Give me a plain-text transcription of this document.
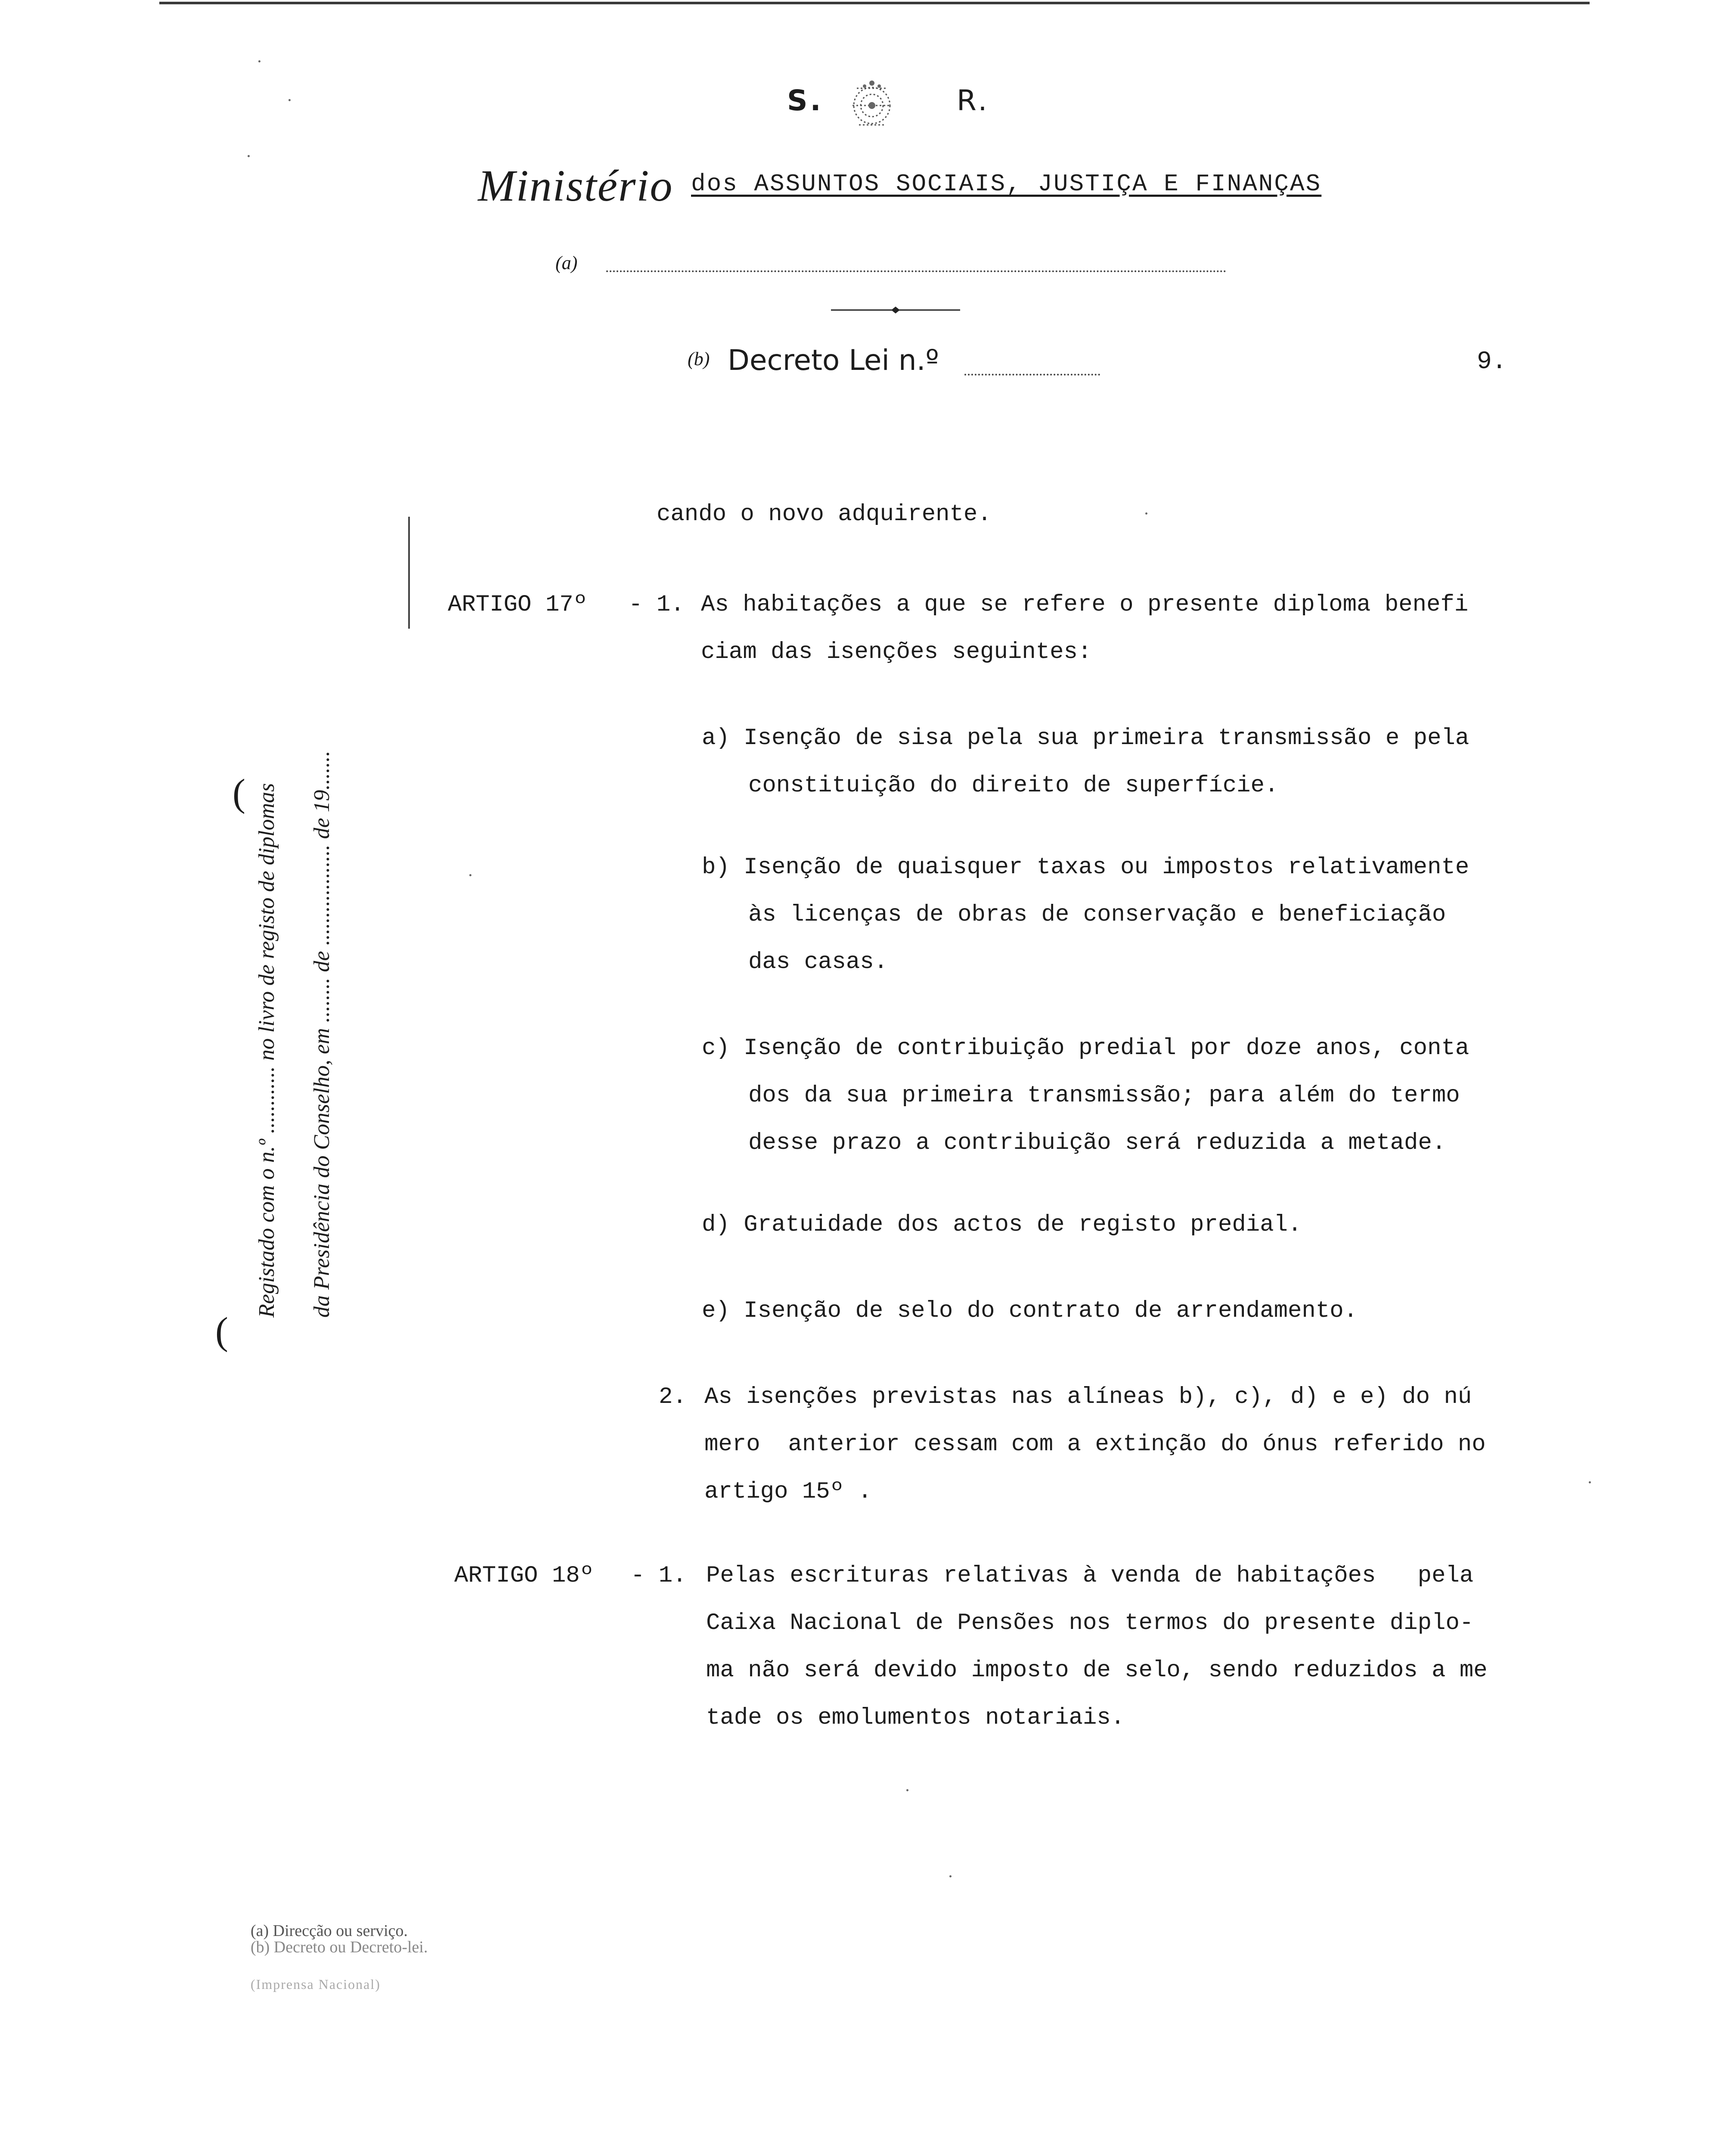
S.	R.
Ministério dos ASSUNTOS SOCIAIS, JUSTIÇA E FINANÇAS
(a)
(b) Decreto Lei n.º	9.
(
Registado com o n.º ............ no livro de registo de diplomas da Presidência do Conselho, em ........ de .................. de 19.......
(
cando o novo adquirente.
ARTIGO 17º - 1. As habitações a que se refere o presente diploma benefi
ciam das isenções seguintes:
a) Isenção de sisa pela sua primeira transmissão e pela
constituição do direito de superfície.
b) Isenção de quaisquer taxas ou impostos relativamente
às licenças de obras de conservação e beneficiação
das casas.
c) Isenção de contribuição predial por doze anos, conta
dos da sua primeira transmissão; para além do termo
desse prazo a contribuição será reduzida a metade.
d) Gratuidade dos actos de registo predial.
e) Isenção de selo do contrato de arrendamento.
2. As isenções previstas nas alíneas b), c), d) e e) do nú
mero  anterior cessam com a extinção do ónus referido no
artigo 15º .
ARTIGO 18º - 1. Pelas escrituras relativas à venda de habitações   pela
Caixa Nacional de Pensões nos termos do presente diplo-
ma não será devido imposto de selo, sendo reduzidos a me
tade os emolumentos notariais.
(a) Direcção ou serviço.
(b) Decreto ou Decreto-lei.
(Imprensa Nacional)
